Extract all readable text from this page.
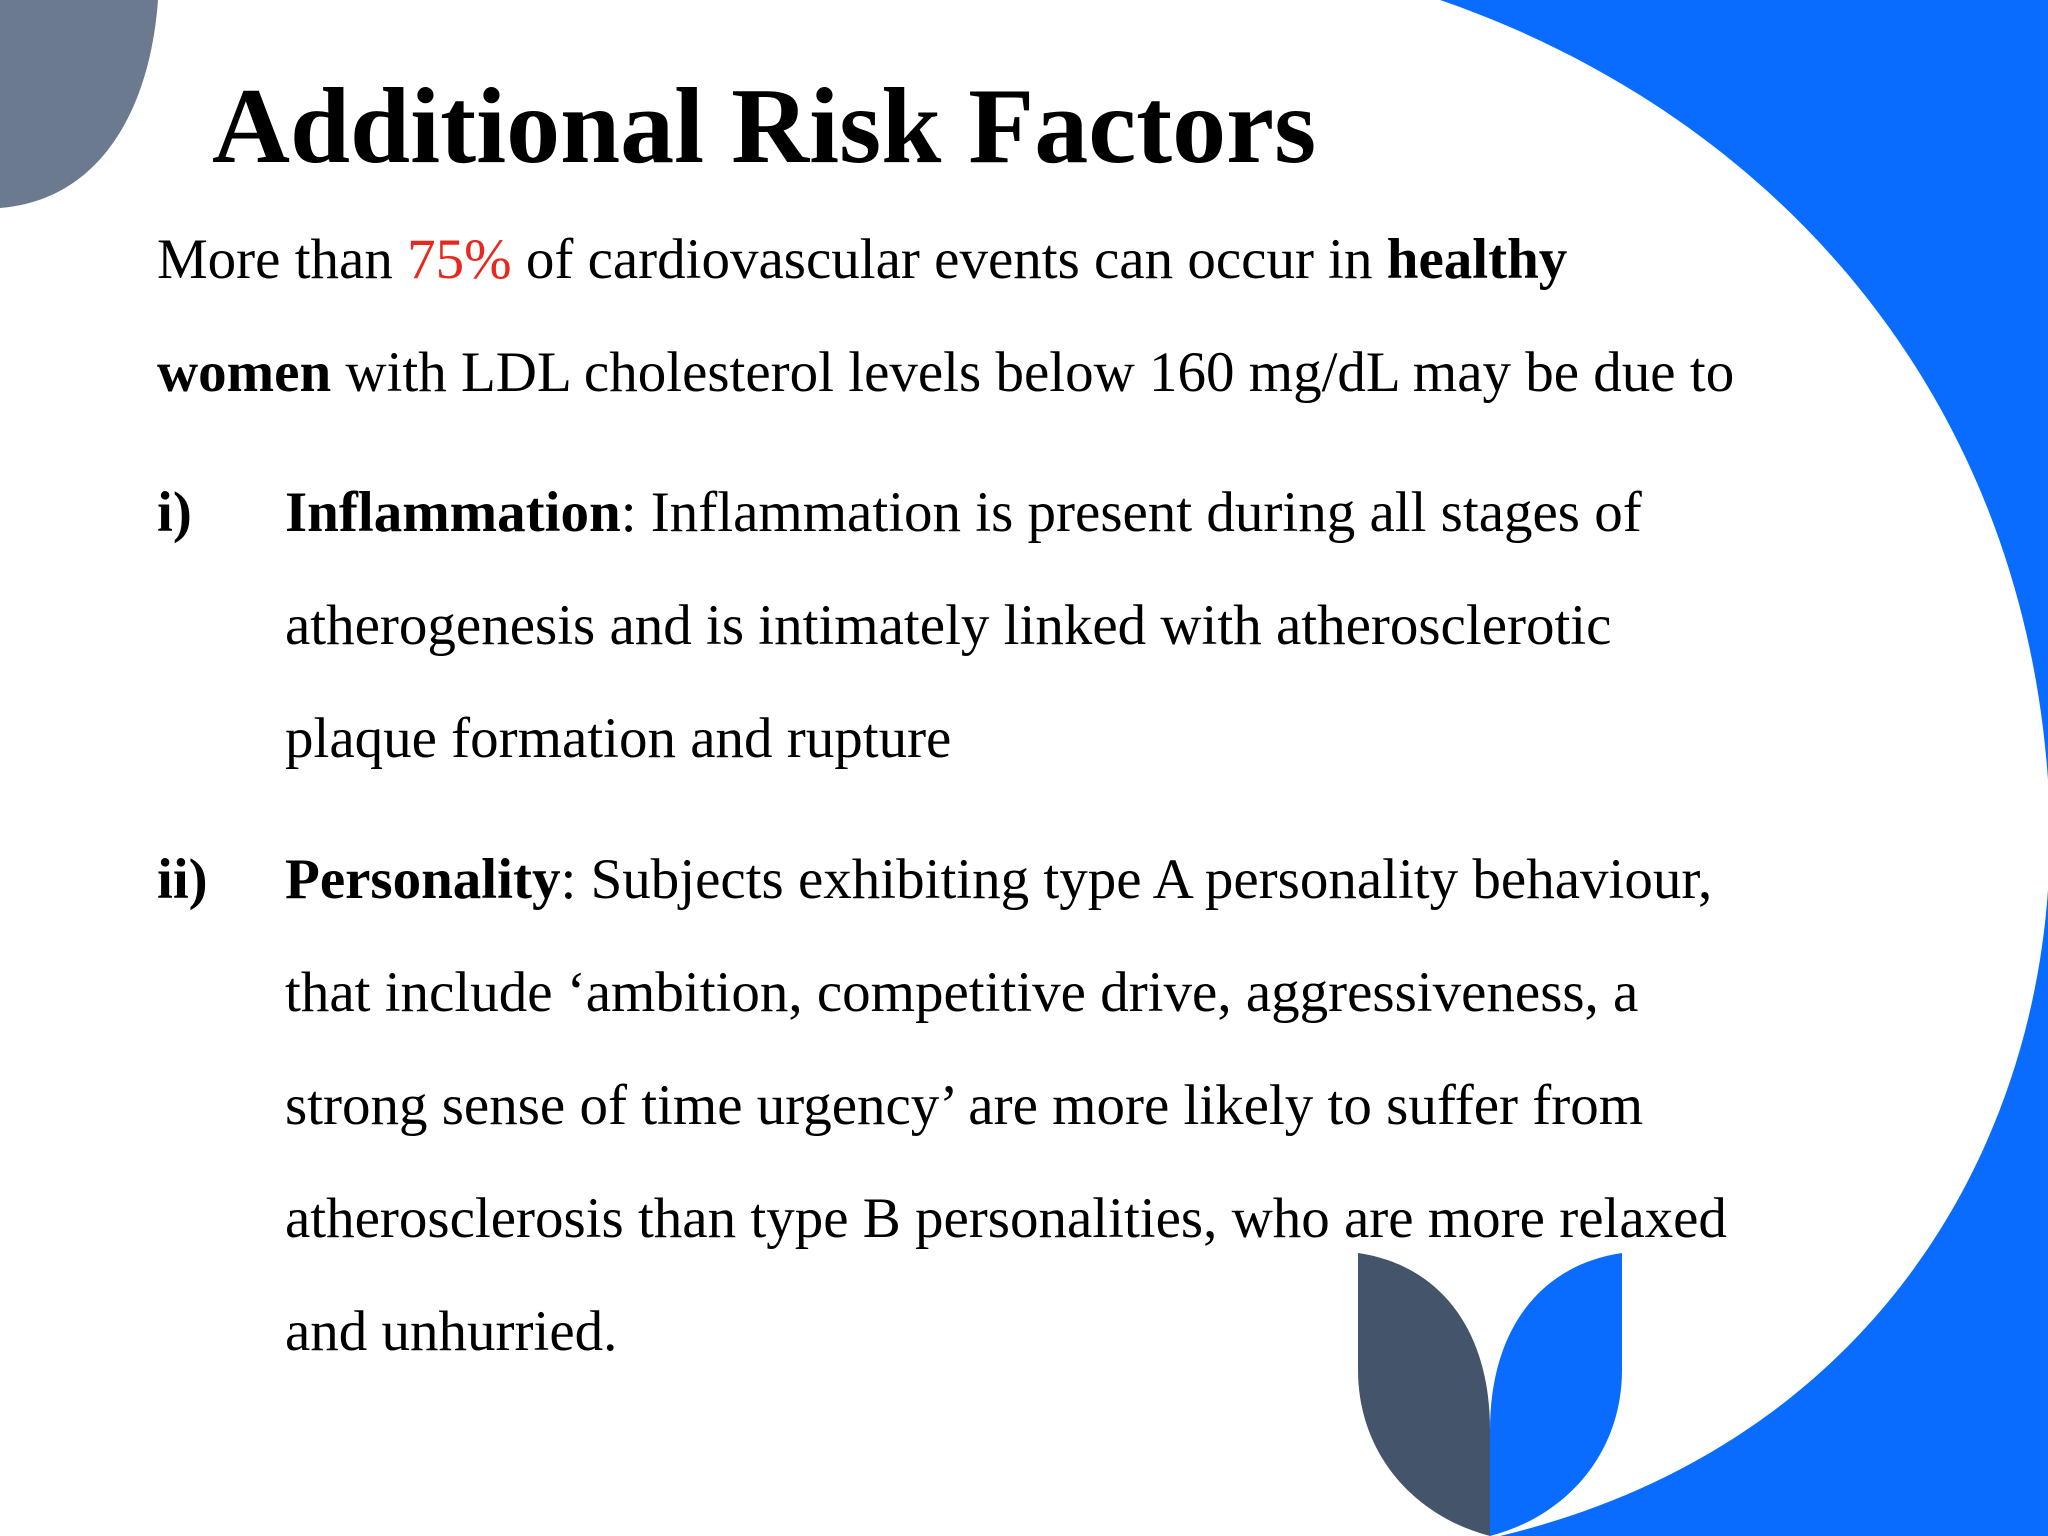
Additional Risk Factors
More than 75% of cardiovascular events can occur in healthy
women with LDL cholesterol levels below 160 mg/dL may be due to
i) Inflammation: Inflammation is present during all stages of
atherogenesis and is intimately linked with atherosclerotic
plaque formation and rupture
ii) Personality: Subjects exhibiting type A personality behaviour,
that include ‘ambition, competitive drive, aggressiveness, a
strong sense of time urgency’ are more likely to suffer from
atherosclerosis than type B personalities, who are more relaxed
and unhurried.
